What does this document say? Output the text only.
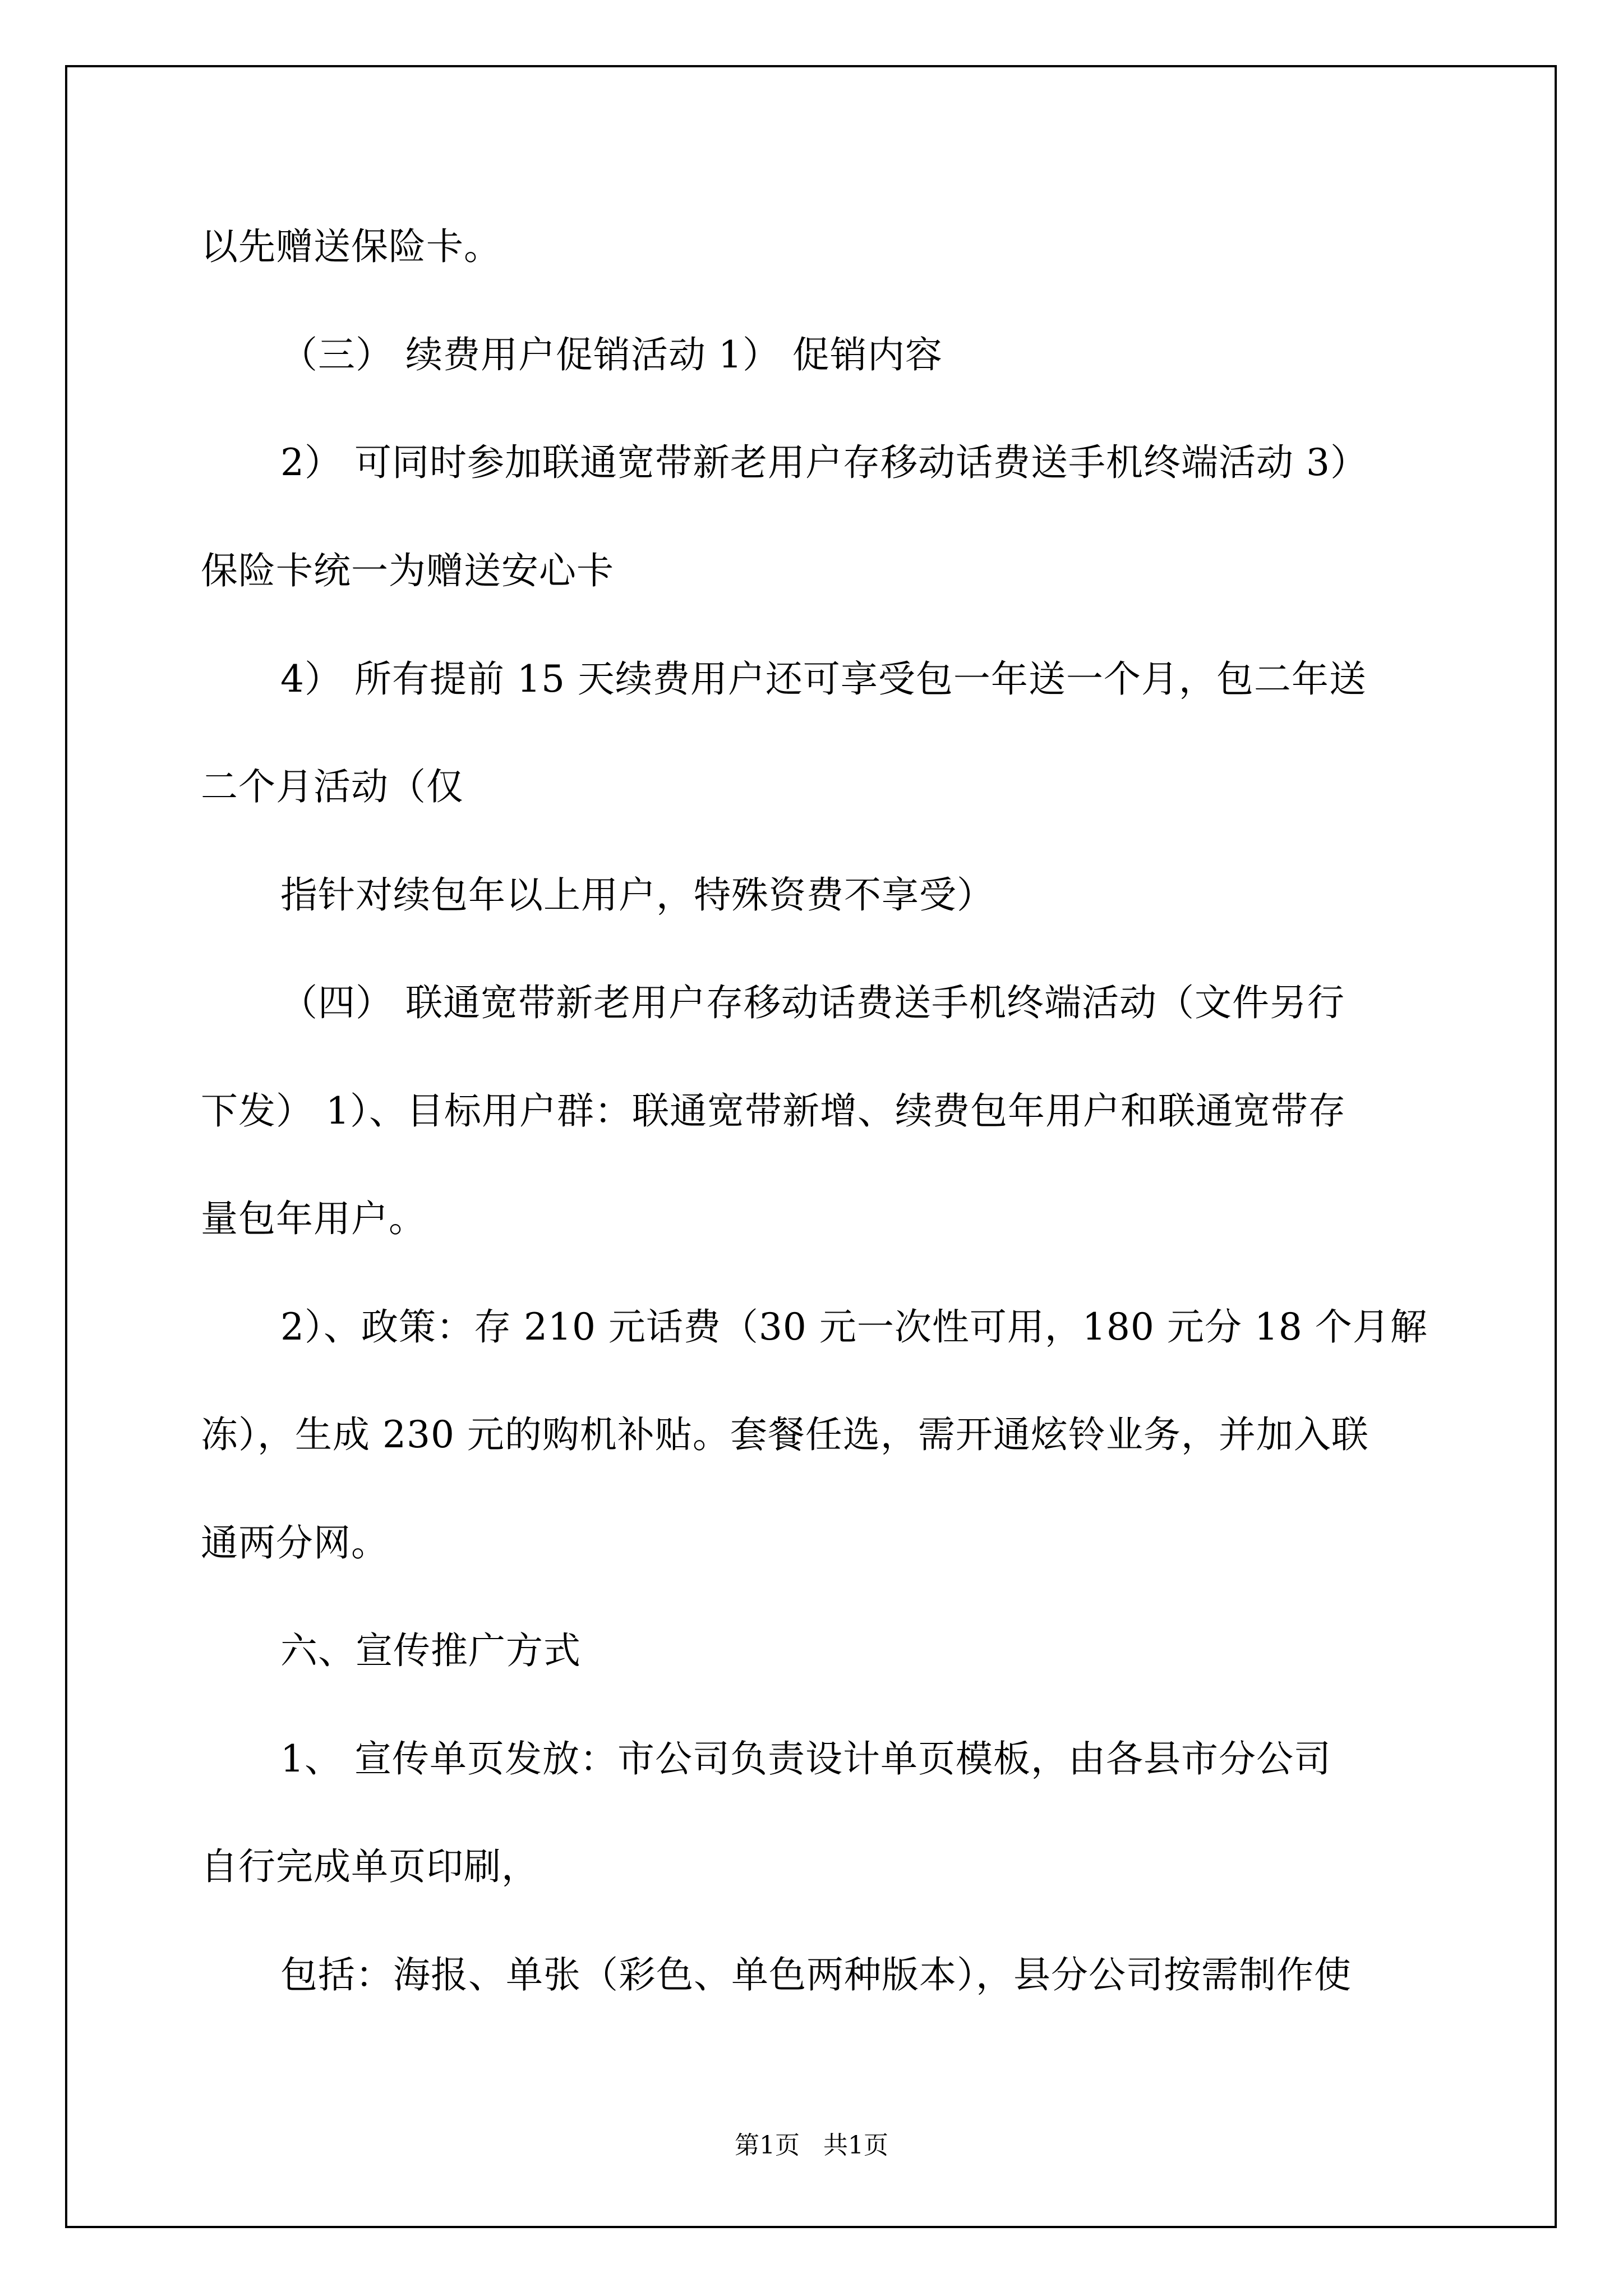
以先赠送保险卡。

（三） 续费用户促销活动 1） 促销内容

2） 可同时参加联通宽带新老用户存移动话费送手机终端活动 3）

保险卡统一为赠送安心卡

4） 所有提前 15 天续费用户还可享受包一年送一个月，包二年送

二个月活动（仅

指针对续包年以上用户，特殊资费不享受）

（四） 联通宽带新老用户存移动话费送手机终端活动（文件另行

下发） 1）、目标用户群：联通宽带新增、续费包年用户和联通宽带存

量包年用户。

2）、政策：存 210 元话费（30 元一次性可用，180 元分 18 个月解

冻），生成 230 元的购机补贴。套餐任选，需开通炫铃业务，并加入联

通两分网。

六、宣传推广方式

1、 宣传单页发放：市公司负责设计单页模板，由各县市分公司

自行完成单页印刷，

包括：海报、单张（彩色、单色两种版本），县分公司按需制作使

第1页   共1页
